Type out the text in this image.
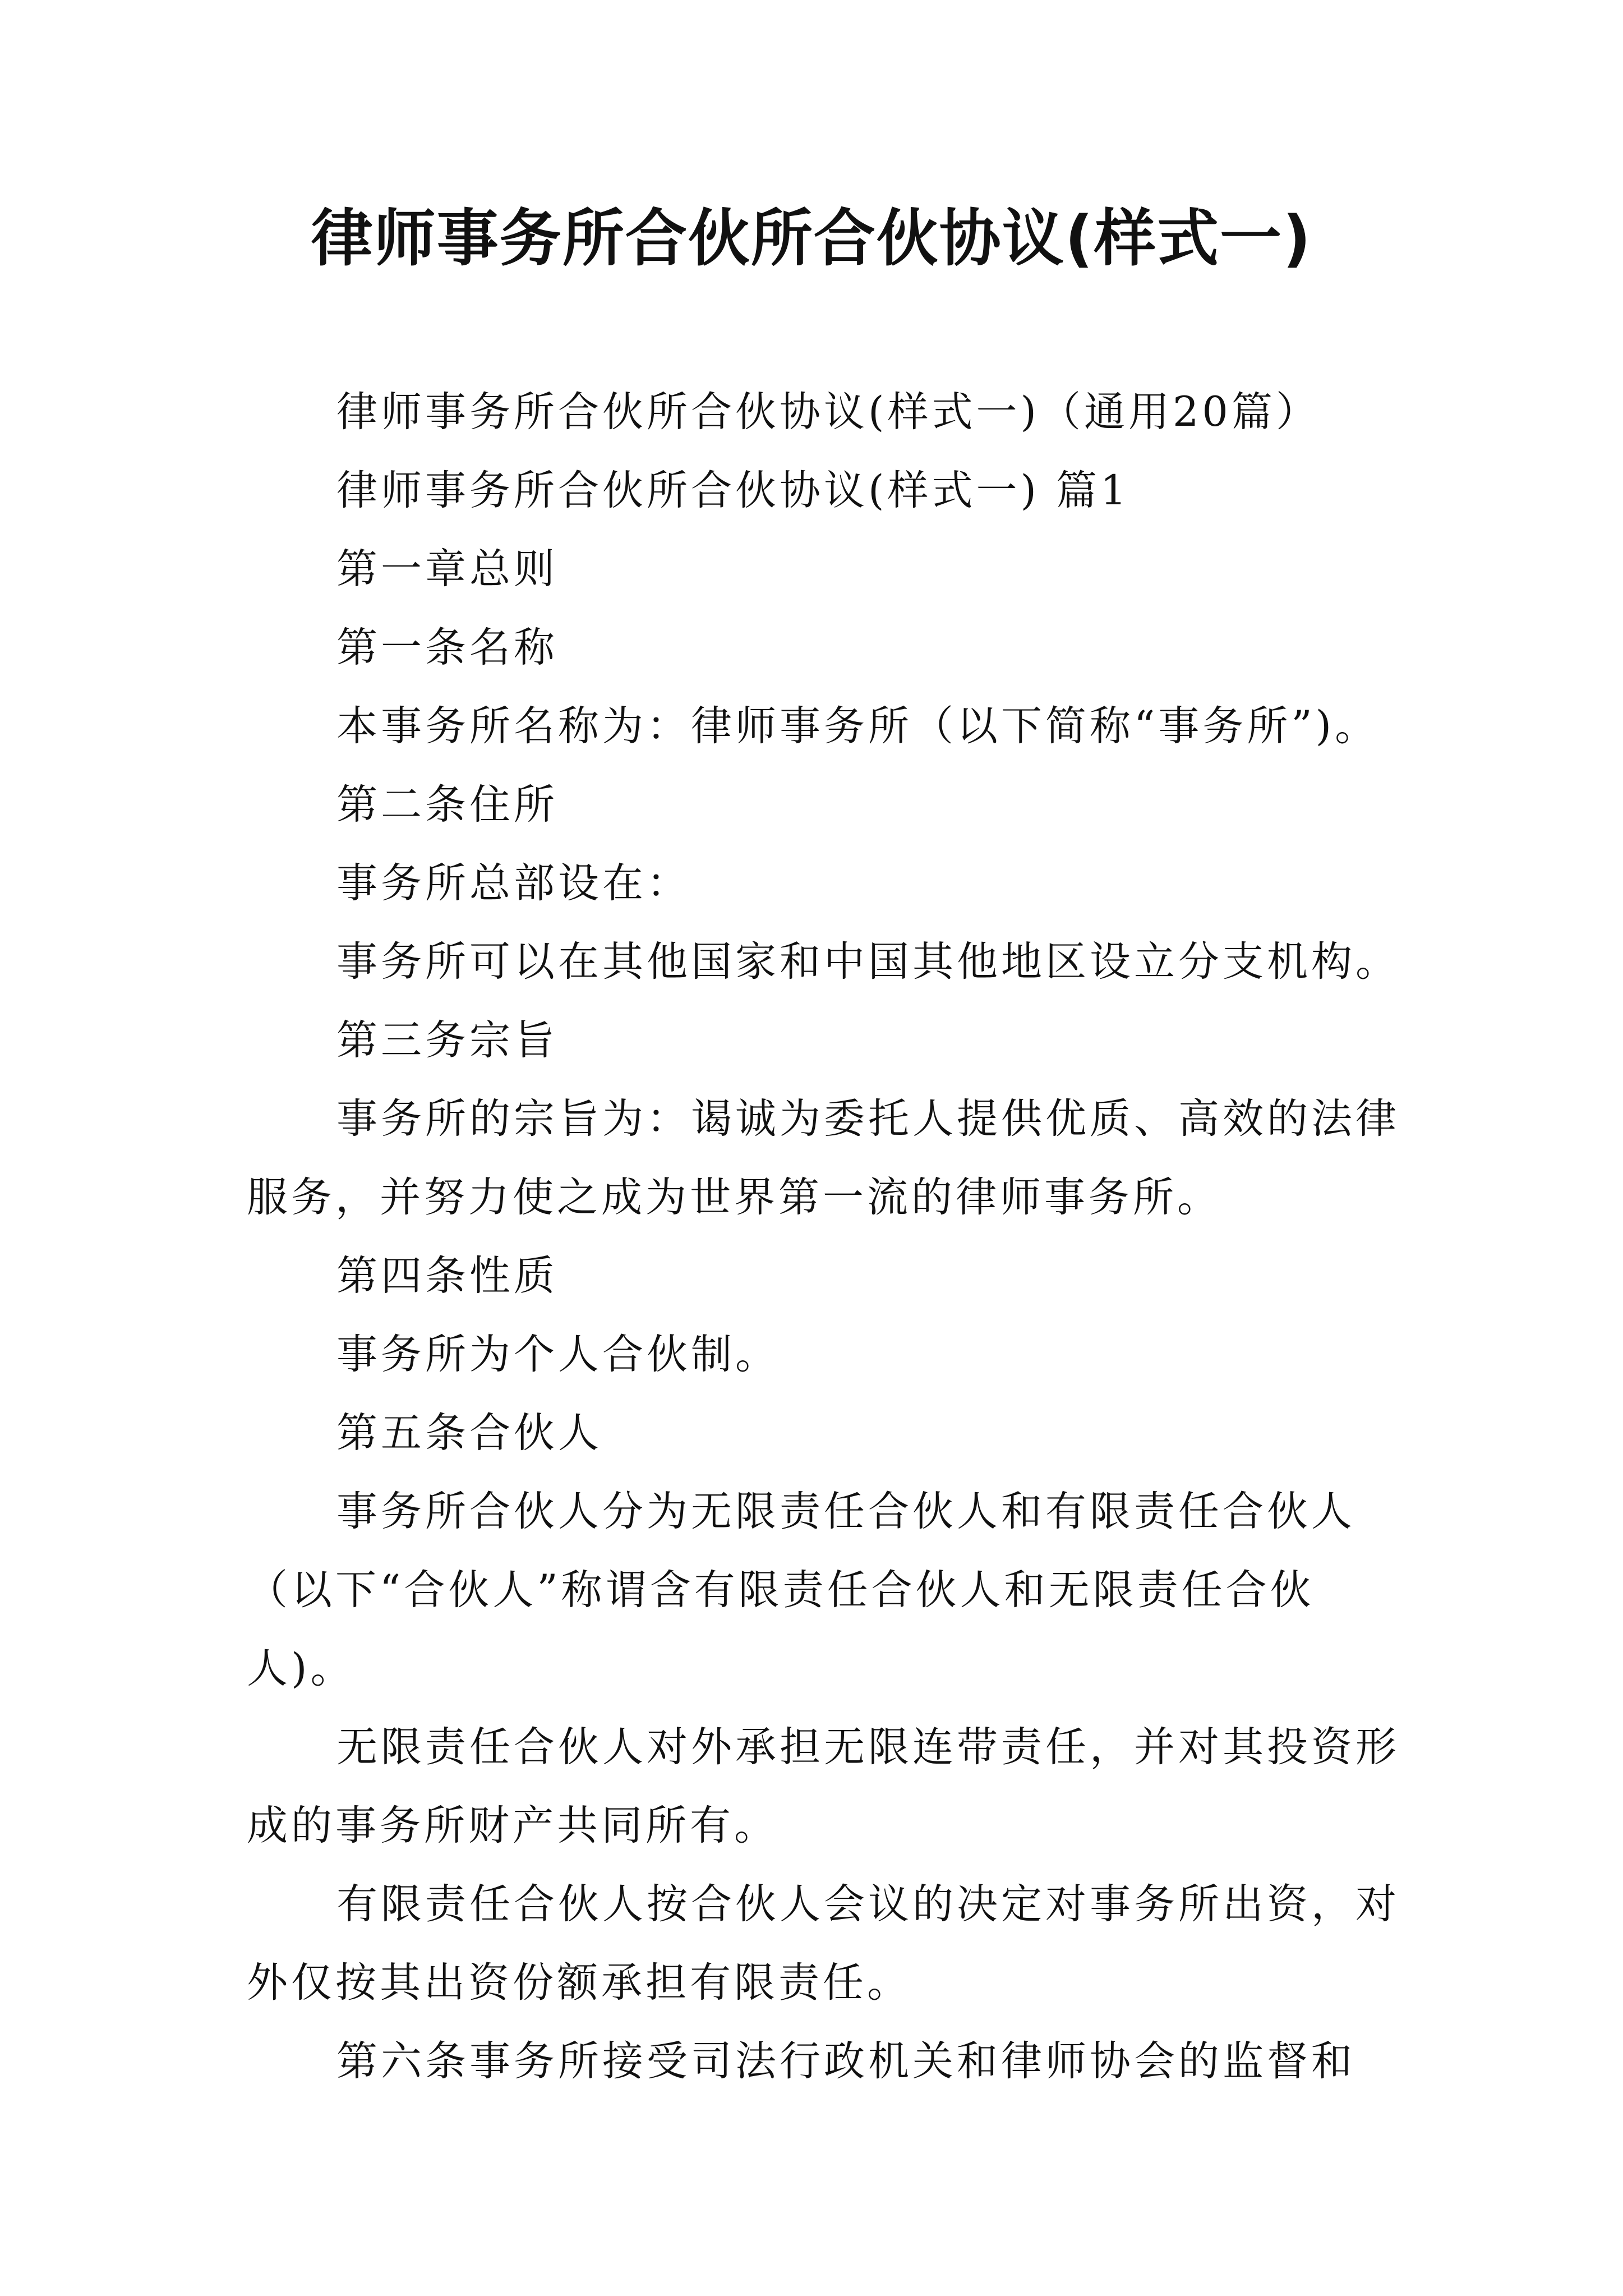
律师事务所合伙所合伙协议(样式一)
律师事务所合伙所合伙协议(样式一)（通用20篇）
律师事务所合伙所合伙协议(样式一) 篇1
第一章总则
第一条名称
本事务所名称为：律师事务所（以下简称“事务所”)。
第二条住所
事务所总部设在：
事务所可以在其他国家和中国其他地区设立分支机构。
第三务宗旨
事务所的宗旨为：谒诚为委托人提供优质、高效的法律
服务，并努力使之成为世界第一流的律师事务所。
第四条性质
事务所为个人合伙制。
第五条合伙人
事务所合伙人分为无限责任合伙人和有限责任合伙人
（以下“合伙人”称谓含有限责任合伙人和无限责任合伙
人)。
无限责任合伙人对外承担无限连带责任，并对其投资形
成的事务所财产共同所有。
有限责任合伙人按合伙人会议的决定对事务所出资，对
外仅按其出资份额承担有限责任。
第六条事务所接受司法行政机关和律师协会的监督和
